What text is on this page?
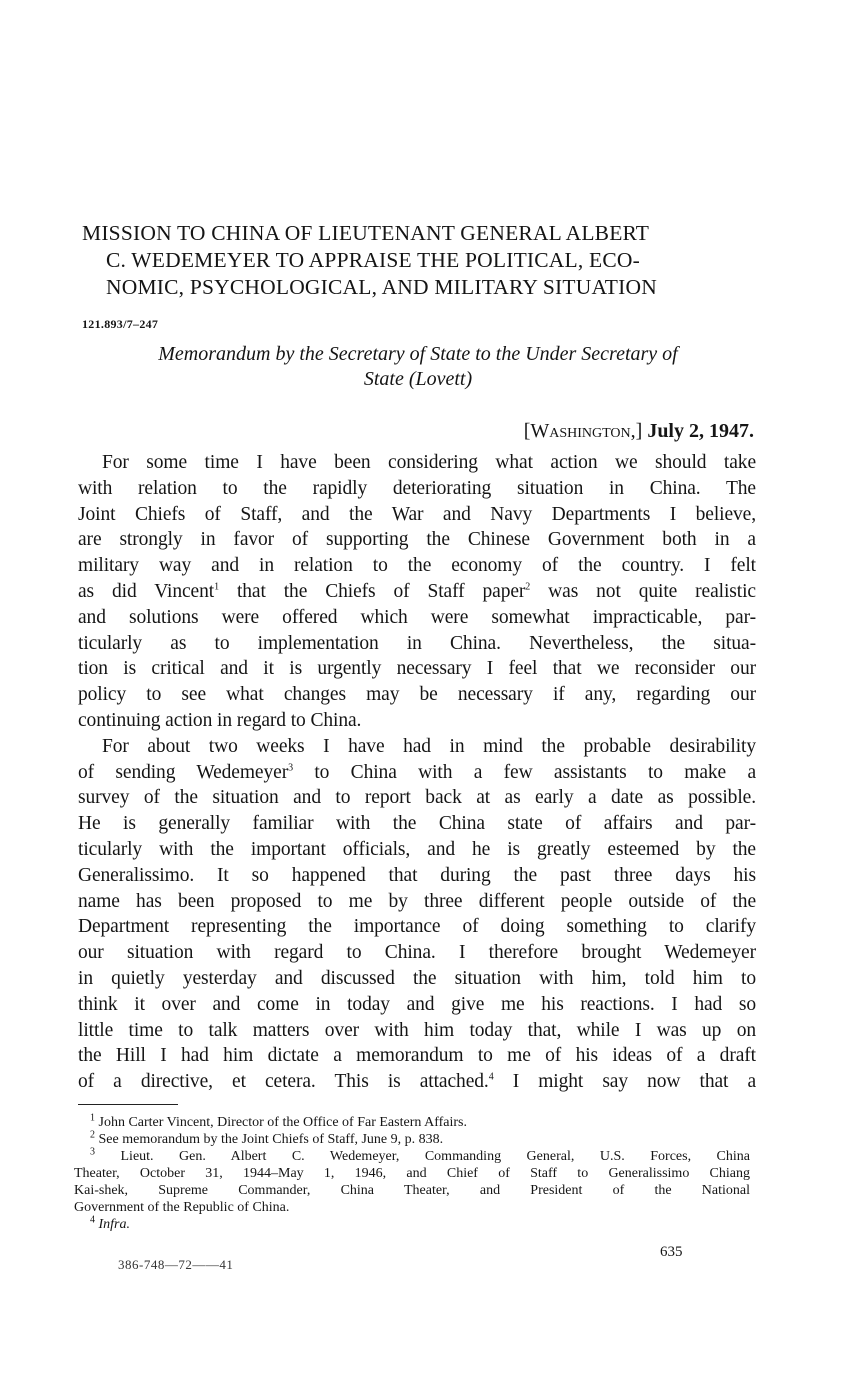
MISSION TO CHINA OF LIEUTENANT GENERAL ALBERT
C. WEDEMEYER TO APPRAISE THE POLITICAL, ECO-
NOMIC, PSYCHOLOGICAL, AND MILITARY SITUATION
121.893/7–247
Memorandum by the Secretary of State to the Under Secretary of
State (Lovett)
[Washington,] July 2, 1947.
For some time I have been considering what action we should take
with relation to the rapidly deteriorating situation in China. The
Joint Chiefs of Staff, and the War and Navy Departments I believe,
are strongly in favor of supporting the Chinese Government both in a
military way and in relation to the economy of the country. I felt
as did Vincent$^1$ that the Chiefs of Staff paper$^2$ was not quite realistic
and solutions were offered which were somewhat impracticable, par-
ticularly as to implementation in China. Nevertheless, the situa-
tion is critical and it is urgently necessary I feel that we reconsider our
policy to see what changes may be necessary if any, regarding our
continuing action in regard to China.
For about two weeks I have had in mind the probable desirability
of sending Wedemeyer$^3$ to China with a few assistants to make a
survey of the situation and to report back at as early a date as possible.
He is generally familiar with the China state of affairs and par-
ticularly with the important officials, and he is greatly esteemed by the
Generalissimo. It so happened that during the past three days his
name has been proposed to me by three different people outside of the
Department representing the importance of doing something to clarify
our situation with regard to China. I therefore brought Wedemeyer
in quietly yesterday and discussed the situation with him, told him to
think it over and come in today and give me his reactions. I had so
little time to talk matters over with him today that, while I was up on
the Hill I had him dictate a memorandum to me of his ideas of a draft
of a directive, et cetera. This is attached.$^4$ I might say now that a
$^1$ John Carter Vincent, Director of the Office of Far Eastern Affairs.
$^2$ See memorandum by the Joint Chiefs of Staff, June 9, p. 838.
$^3$ Lieut. Gen. Albert C. Wedemeyer, Commanding General, U.S. Forces, China
Theater, October 31, 1944–May 1, 1946, and Chief of Staff to Generalissimo Chiang
Kai-shek, Supreme Commander, China Theater, and President of the National
Government of the Republic of China.
$^4$ Infra.
635
386-748—72——41
